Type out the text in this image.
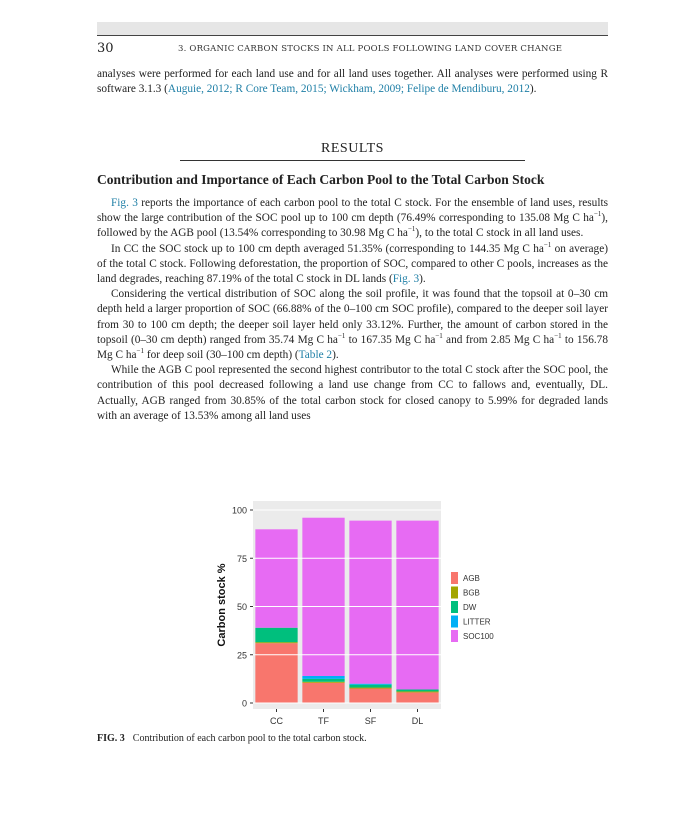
30	3. ORGANIC CARBON STOCKS IN ALL POOLS FOLLOWING LAND COVER CHANGE

analyses were performed for each land use and for all land uses together. All analyses were performed using R software 3.1.3 (Auguie, 2012; R Core Team, 2015; Wickham, 2009; Felipe de Mendiburu, 2012).

RESULTS
Contribution and Importance of Each Carbon Pool to the Total Carbon Stock

Fig. 3 reports the importance of each carbon pool to the total C stock. For the ensemble of land uses, results show the large contribution of the SOC pool up to 100 cm depth (76.49% corresponding to 135.08 Mg C $ha^{-1}$), followed by the AGB pool (13.54% corresponding to 30.98 Mg C $ha^{-1}$), to the total C stock in all land uses.

In CC the SOC stock up to 100 cm depth averaged 51.35% (corresponding to 144.35 Mg C $ha^{-1}$ on average) of the total C stock. Following deforestation, the proportion of SOC, compared to other C pools, increases as the land degrades, reaching 87.19% of the total C stock in DL lands (Fig. 3).

Considering the vertical distribution of SOC along the soil profile, it was found that the topsoil at 0–30 cm depth held a larger proportion of SOC (66.88% of the 0–100 cm SOC profile), compared to the deeper soil layer from 30 to 100 cm depth; the deeper soil layer held only 33.12%. Further, the amount of carbon stored in the topsoil (0–30 cm depth) ranged from 35.74 Mg C $ha^{-1}$ to 167.35 Mg C $ha^{-1}$ and from 2.85 Mg C $ha^{-1}$ to 156.78 Mg C $ha^{-1}$ for deep soil (30–100 cm depth) (Table 2).

While the AGB C pool represented the second highest contributor to the total C stock after the SOC pool, the contribution of this pool decreased following a land use change from CC to fallows and, eventually, DL. Actually, AGB ranged from 30.85% of the total carbon stock for closed canopy to 5.99% for degraded lands with an average of 13.53% among all land uses

0
25
50
75
100
CC	TF	SF	DL
Carbon stock %	AGB
BGB
DW
LITTER
SOC100
FIG. 3 Contribution of each carbon pool to the total carbon stock.
